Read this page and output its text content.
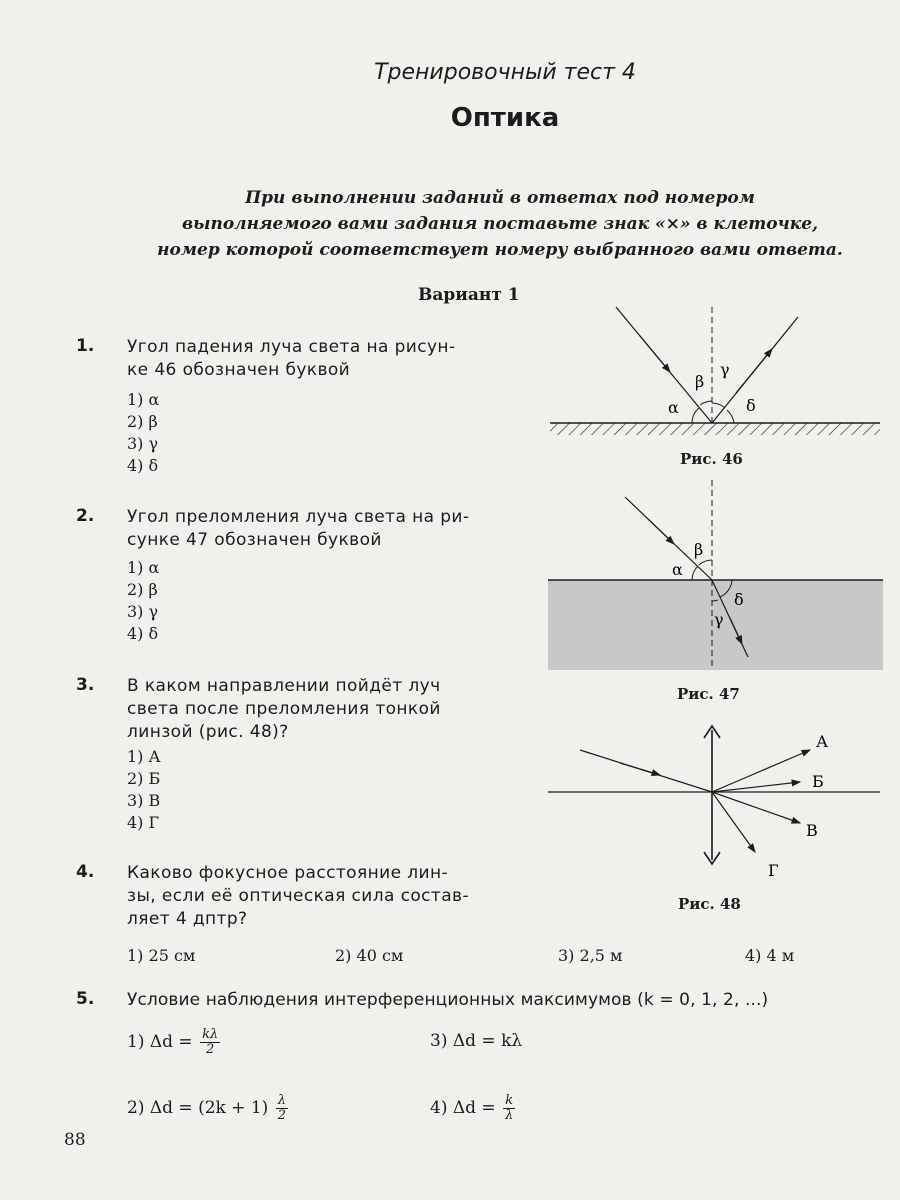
Тренировочный тест 4
Оптика
При выполнении заданий в ответах под номером
выполняемого вами задания поставьте знак «×» в клеточке,
номер которой соответствует номеру выбранного вами ответа.
Вариант 1
1. Угол падения луча света на рисун-
ке 46 обозначен буквой
1) α
2) β
3) γ
4) δ
2. Угол преломления луча света на ри-
сунке 47 обозначен буквой
1) α
2) β
3) γ
4) δ
3. В каком направлении пойдёт луч
света после преломления тонкой
линзой (рис. 48)?
1) А
2) Б
3) В
4) Г
4. Каково фокусное расстояние лин-
зы, если её оптическая сила состав-
ляет 4 дптр?
1) 25 см	2) 40 см	3) 2,5 м	4) 4 м
5. Условие наблюдения интерференционных максимумов (k = 0, 1, 2, ...)
1) $\Delta d = \frac{k\lambda}{2}$	3) Δd = kλ
2) $\Delta d = (2k + 1) \frac{\lambda}{2}$	4) $\Delta d = \frac{k}{\lambda}$
α
β
γ
δ
Рис. 46
α
β
δ
γ
Рис. 47
А
Б
В
Г
Рис. 48
88
